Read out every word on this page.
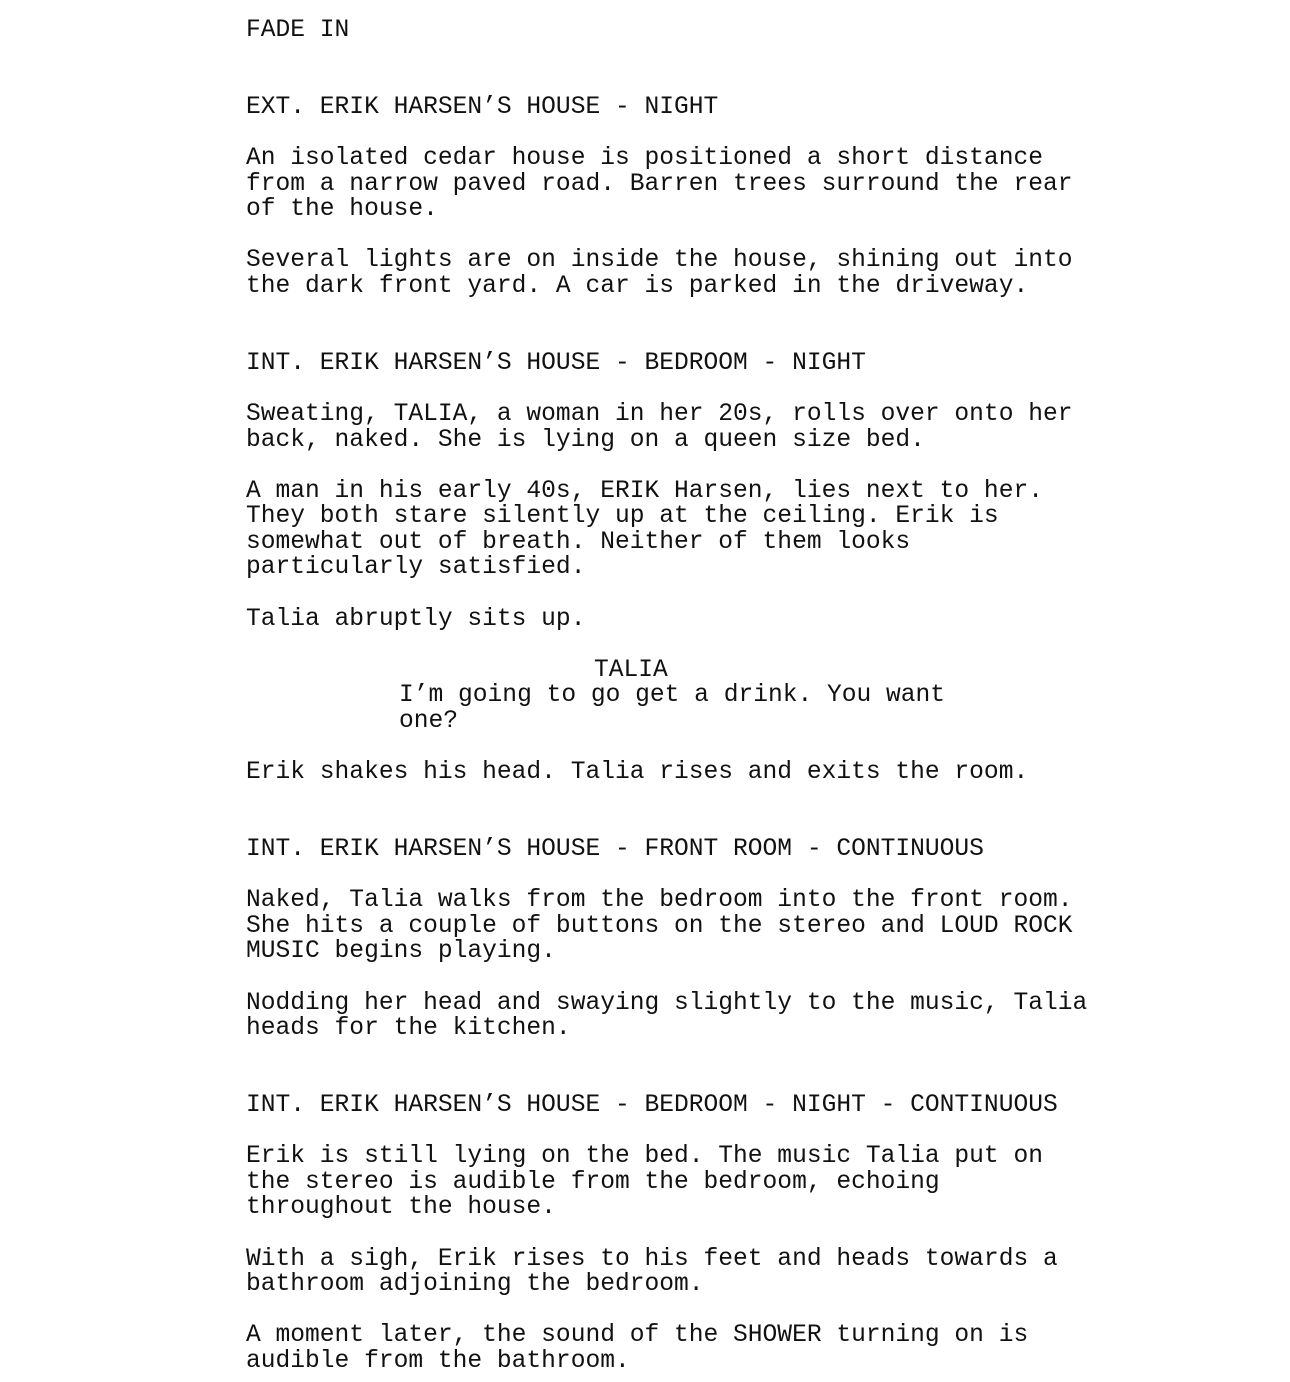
FADE IN
EXT. ERIK HARSEN’S HOUSE - NIGHT
An isolated cedar house is positioned a short distance
from a narrow paved road. Barren trees surround the rear
of the house.
Several lights are on inside the house, shining out into
the dark front yard. A car is parked in the driveway.
INT. ERIK HARSEN’S HOUSE - BEDROOM - NIGHT
Sweating, TALIA, a woman in her 20s, rolls over onto her
back, naked. She is lying on a queen size bed.
A man in his early 40s, ERIK Harsen, lies next to her.
They both stare silently up at the ceiling. Erik is
somewhat out of breath. Neither of them looks
particularly satisfied.
Talia abruptly sits up.
TALIA
I’m going to go get a drink. You want
one?
Erik shakes his head. Talia rises and exits the room.
INT. ERIK HARSEN’S HOUSE - FRONT ROOM - CONTINUOUS
Naked, Talia walks from the bedroom into the front room.
She hits a couple of buttons on the stereo and LOUD ROCK
MUSIC begins playing.
Nodding her head and swaying slightly to the music, Talia
heads for the kitchen.
INT. ERIK HARSEN’S HOUSE - BEDROOM - NIGHT - CONTINUOUS
Erik is still lying on the bed. The music Talia put on
the stereo is audible from the bedroom, echoing
throughout the house.
With a sigh, Erik rises to his feet and heads towards a
bathroom adjoining the bedroom.
A moment later, the sound of the SHOWER turning on is
audible from the bathroom.
